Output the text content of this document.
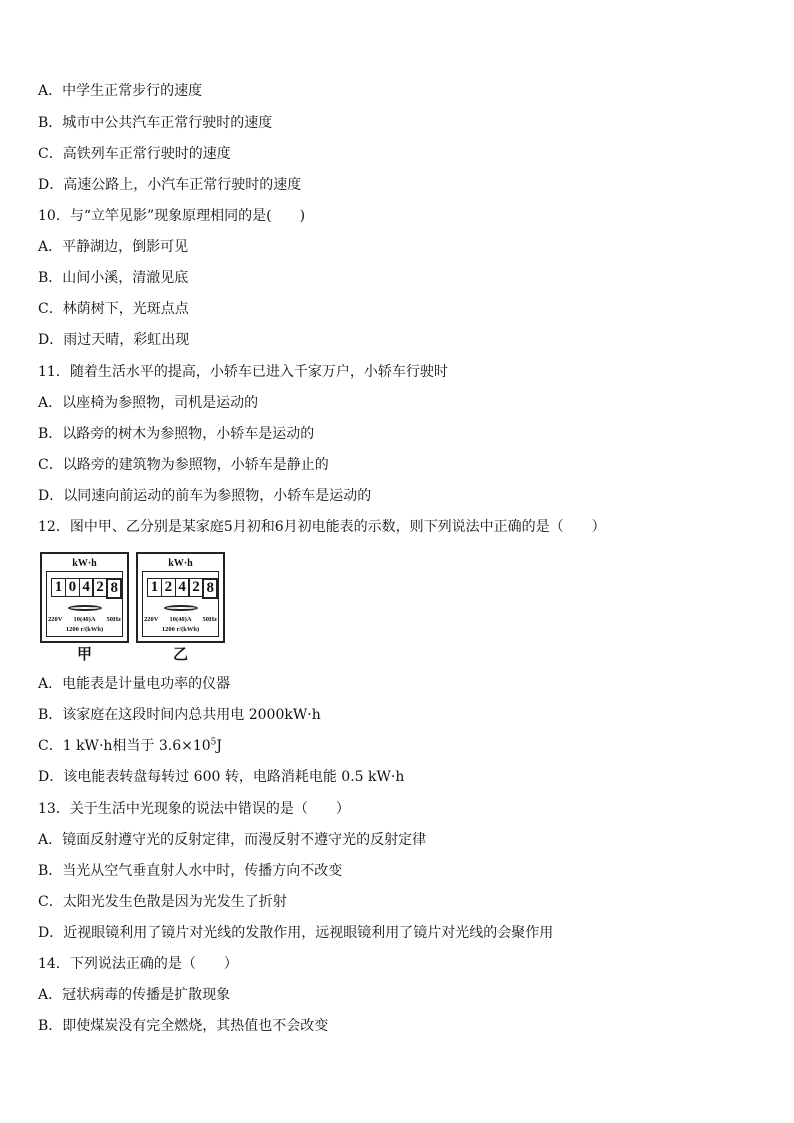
A．中学生正常步行的速度
B．城市中公共汽车正常行驶时的速度
C．高铁列车正常行驶时的速度
D．高速公路上，小汽车正常行驶时的速度
10．与“立竿见影”现象原理相同的是(　　)
A．平静湖边，倒影可见
B．山间小溪，清澈见底
C．林荫树下，光斑点点
D．雨过天晴，彩虹出现
11．随着生活水平的提高，小轿车已进入千家万户，小轿车行驶时
A．以座椅为参照物，司机是运动的
B．以路旁的树木为参照物，小轿车是运动的
C．以路旁的建筑物为参照物，小轿车是静止的
D．以同速向前运动的前车为参照物，小轿车是运动的
12．图中甲、乙分别是某家庭5月初和6月初电能表的示数，则下列说法中正确的是（　　）
kW·h
1 0 4 2 8
220V 10(40)A 50Hz
1200 r/(kWh)
甲
kW·h
1 2 4 2 8
220V 10(40)A 50Hz
1200 r/(kWh)
乙
A．电能表是计量电功率的仪器
B．该家庭在这段时间内总共用电 2000kW·h
C．1 kW·h相当于 $3.6\times 10^5J$
D．该电能表转盘每转过 600 转，电路消耗电能 0.5 kW·h
13．关于生活中光现象的说法中错误的是（　　）
A．镜面反射遵守光的反射定律，而漫反射不遵守光的反射定律
B．当光从空气垂直射人水中时，传播方向不改变
C．太阳光发生色散是因为光发生了折射
D．近视眼镜利用了镜片对光线的发散作用，远视眼镜利用了镜片对光线的会聚作用
14．下列说法正确的是（　　）
A．冠状病毒的传播是扩散现象
B．即使煤炭没有完全燃烧，其热值也不会改变
